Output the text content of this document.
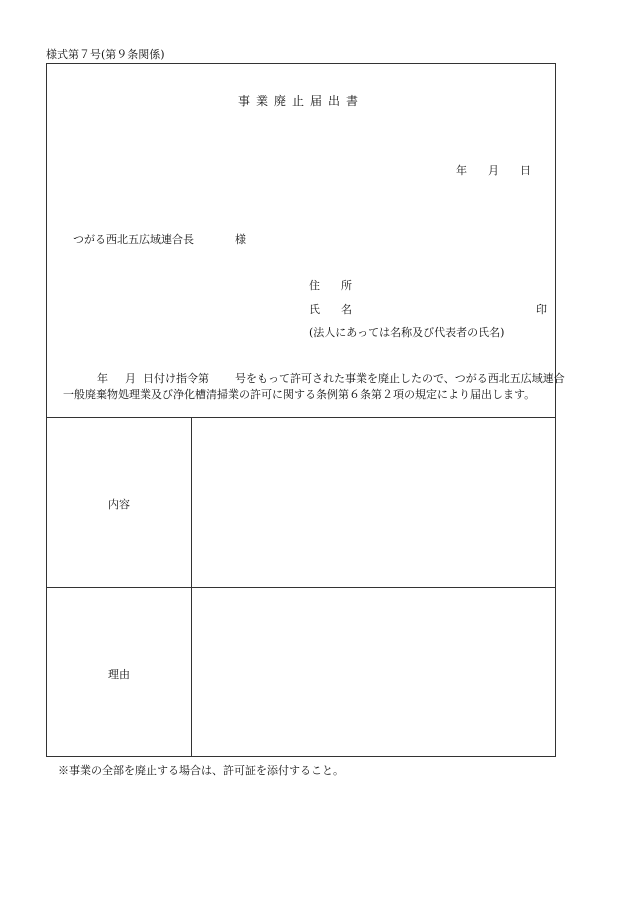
様式第７号(第９条関係)
事業廃止届出書
年 月 日
つがる西北五広域連合長	様
住 所
氏 名	印
(法人にあっては名称及び代表者の氏名)
年 月 日付け指令第 号をもって許可された事業を廃止したので、つがる西北五広域連合
一般廃棄物処理業及び浄化槽清掃業の許可に関する条例第６条第２項の規定により届出します。
内容
理由
※事業の全部を廃止する場合は、許可証を添付すること。
